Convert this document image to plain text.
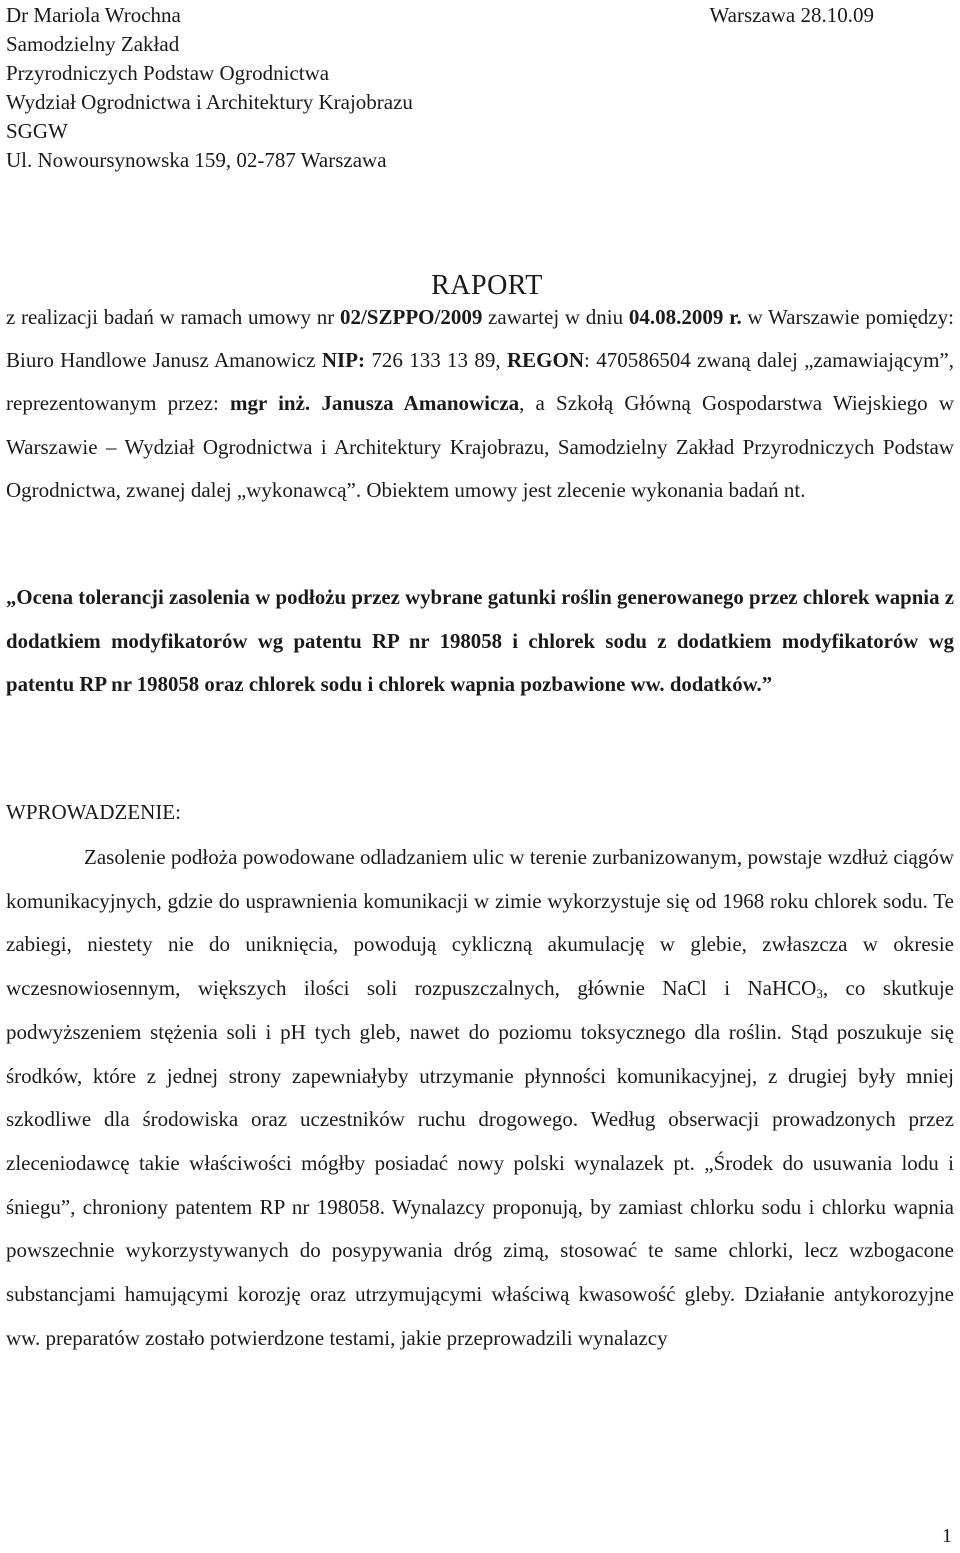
Dr Mariola Wrochna
Samodzielny Zakład
Przyrodniczych Podstaw Ogrodnictwa
Wydział Ogrodnictwa i Architektury Krajobrazu
SGGW
Ul. Nowoursynowska 159, 02-787 Warszawa
Warszawa 28.10.09
RAPORT

z realizacji badań w ramach umowy nr 02/SZPPO/2009 zawartej w dniu 04.08.2009 r. w Warszawie pomiędzy: Biuro Handlowe Janusz Amanowicz NIP: 726 133 13 89, REGON: 470586504 zwaną dalej „zamawiającym”, reprezentowanym przez: mgr inż. Janusza Amanowicza, a Szkołą Główną Gospodarstwa Wiejskiego w Warszawie – Wydział Ogrodnictwa i Architektury Krajobrazu, Samodzielny Zakład Przyrodniczych Podstaw Ogrodnictwa, zwanej dalej „wykonawcą”. Obiektem umowy jest zlecenie wykonania badań nt.

„Ocena tolerancji zasolenia w podłożu przez wybrane gatunki roślin generowanego przez chlorek wapnia z dodatkiem modyfikatorów wg patentu RP nr 198058 i chlorek sodu z dodatkiem modyfikatorów wg patentu RP nr 198058 oraz chlorek sodu i chlorek wapnia pozbawione ww. dodatków.”

WPROWADZENIE:

Zasolenie podłoża powodowane odladzaniem ulic w terenie zurbanizowanym, powstaje wzdłuż ciągów komunikacyjnych, gdzie do usprawnienia komunikacji w zimie wykorzystuje się od 1968 roku chlorek sodu. Te zabiegi, niestety nie do uniknięcia, powodują cykliczną akumulację w glebie, zwłaszcza w okresie wczesnowiosennym, większych ilości soli rozpuszczalnych, głównie NaCl i NaHCO$_3$, co skutkuje podwyższeniem stężenia soli i pH tych gleb, nawet do poziomu toksycznego dla roślin. Stąd poszukuje się środków, które z jednej strony zapewniałyby utrzymanie płynności komunikacyjnej, z drugiej były mniej szkodliwe dla środowiska oraz uczestników ruchu drogowego. Według obserwacji prowadzonych przez zleceniodawcę takie właściwości mógłby posiadać nowy polski wynalazek pt. „Środek do usuwania lodu i śniegu”, chroniony patentem RP nr 198058. Wynalazcy proponują, by zamiast chlorku sodu i chlorku wapnia powszechnie wykorzystywanych do posypywania dróg zimą, stosować te same chlorki, lecz wzbogacone substancjami hamującymi korozję oraz utrzymującymi właściwą kwasowość gleby. Działanie antykorozyjne ww. preparatów zostało potwierdzone testami, jakie przeprowadzili wynalazcy

1
